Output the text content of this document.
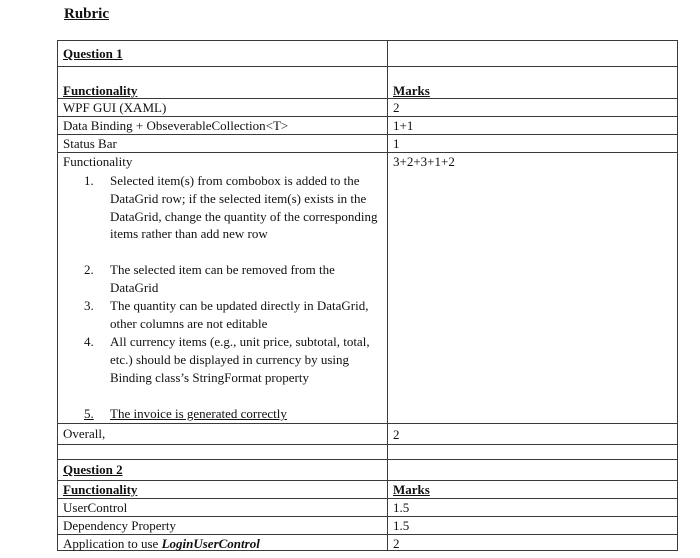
Rubric
Question 1
Functionality	Marks
WPF GUI (XAML)	2
Data Binding + ObseverableCollection<T>	1+1
Status Bar	1
Functionality	3+2+3+1+2
1. Selected item(s) from combobox is added to the DataGrid row; if the selected item(s) exists in the DataGrid, change the quantity of the corresponding items rather than add new row
2. The selected item can be removed from the DataGrid
3. The quantity can be updated directly in DataGrid, other columns are not editable
4. All currency items (e.g., unit price, subtotal, total, etc.) should be displayed in currency by using Binding class’s StringFormat property
5. The invoice is generated correctly
Overall,	2
Question 2
Functionality	Marks
UserControl	1.5
Dependency Property	1.5
Application to use LoginUserControl	2
